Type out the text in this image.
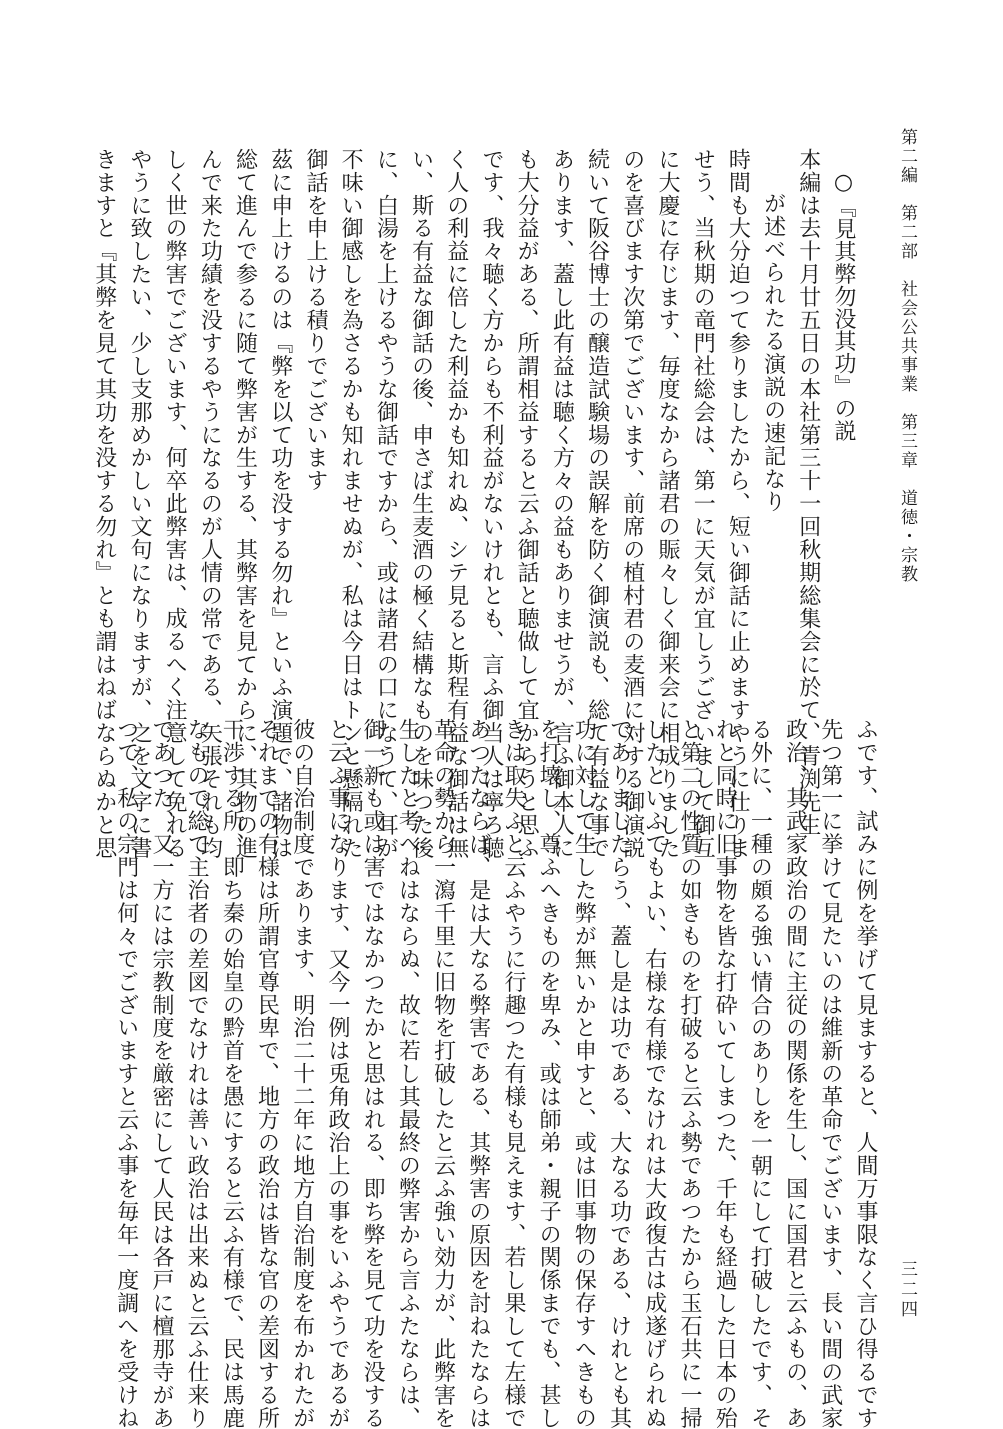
第二編　第二部　社会公共事業　第三章　道徳・宗教
○『見其弊勿没其功』の説
本編は去十月廿五日の本社第三十一回秋期総集会に於て、青渕先生
が述べられたる演説の速記なり
時間も大分迫つて参りましたから、短い御話に止めますやうに仕りま
せう、当秋期の竜門社総会は、第一に天気が宜しうございまして御互
に大慶に存じます、毎度なから諸君の賑々しく御来会に相成りました
のを喜びます次第でございます、前席の植村君の麦酒に対する御演説
続いて阪谷博士の醸造試験場の誤解を防く御演説も、総て有益な事で
あります、蓋し此有益は聴く方々の益もありませうが、言ふ御本人に
も大分益がある、所謂相益すると云ふ御話と聴做して宜からうと思ふ
です、我々聴く方からも不利益がないけれとも、言ふ御当人は寧ろ聴
く人の利益に倍した利益かも知れぬ、シテ見ると斯程有益な御話は無
い、斯る有益な御話の後、申さば生麦酒の極く結構なものを味つた後
に、白湯を上けるやうな御話ですから、或は諸君の口になうて、耳が
不味い御感しを為さるかも知れませぬが、私は今日はトンと懸隔れた
御話を申上ける積りでございます
茲に申上けるのは『弊を以て功を没する勿れ』といふ演題で、諸物は
総て進んで参るに随て弊害が生する、其弊害を見てからに、其物の進
んで来た功績を没するやうになるのが人情の常である、矢張それも均
しく世の弊害でございます、何卒此弊害は、成るへく注意して免れる
やうに致したい、少し支那めかしい文句になりますが、之を文字に書
きますと『其弊を見て其功を没する勿れ』とも謂はねばならぬかと思
ふです、試みに例を挙げて見ますると、人間万事限なく言ひ得るです
先つ第一に挙けて見たいのは維新の革命でございます、長い間の武家
政治、其武家政治の間に主従の関係を生し、国に国君と云ふもの、あ
る外に、一種の頗る強い情合のありしを一朝にして打破したです、そ
れと同時に旧事物を皆な打砕いてしまつた、千年も経過した日本の殆
と第二の性質の如きものを打破ると云ふ勢であつたから玉石共に一掃
したといふてもよい、右様な有様でなけれは大政復古は成遂げられぬ
でありましたらう、蓋し是は功である、大なる功である、けれとも其
功に対して生した弊が無いかと申すと、或は旧事物の保存すへきもの
を打壊し、尊ふへきものを卑み、或は師弟・親子の関係までも、甚し
きは取失ふと云ふやうに行趣つた有様も見えます、若し果して左様で
あつたならば、是は大なる弊害である、其弊害の原因を討ねたならは
革命の勢から一瀉千里に旧物を打破したと云ふ強い効力が、此弊害を
生したと考へねはならぬ、故に若し其最終の弊害から言ふたならは、
御一新も或は害ではなかつたかと思はれる、即ち弊を見て功を没する
と云ふ事になります、又今一例は兎角政治上の事をいふやうであるが
彼の自治制度であります、明治二十二年に地方自治制度を布かれたが
それまでの有様は所謂官尊民卑で、地方の政治は皆な官の差図する所
干渉する所、即ち秦の始皇の黔首を愚にすると云ふ有様で、民は馬鹿
なもので総て主治者の差図でなけれは善い政治は出来ぬと云ふ仕来り
であつた、又一方には宗教制度を厳密にして人民は各戸に檀那寺があ
つて、私の宗門は何々でございますと云ふ事を毎年一度調へを受けね	三二四
